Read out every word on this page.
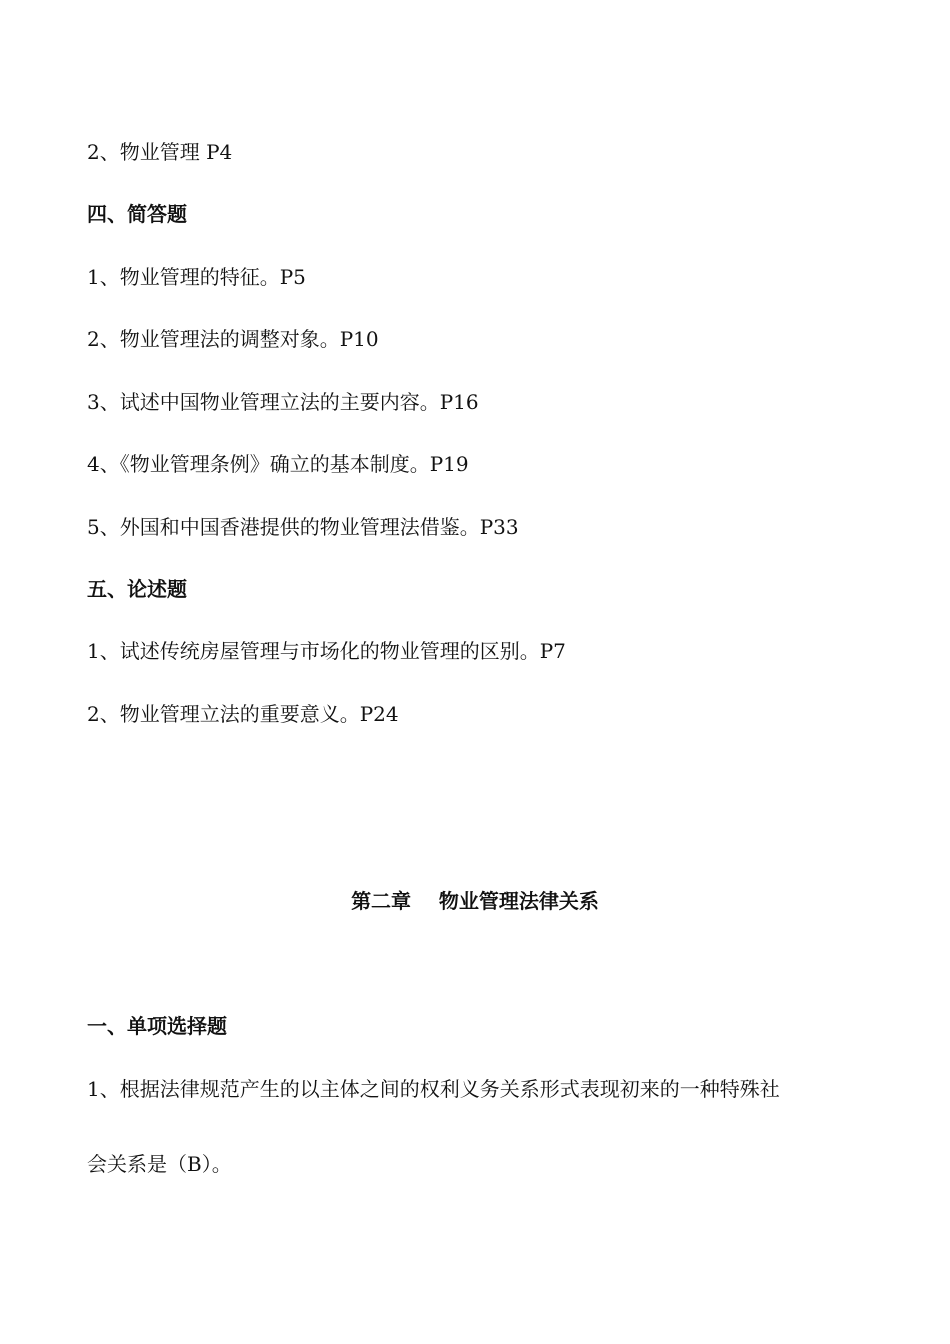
2、物业管理 P4

四、简答题

1、物业管理的特征。P5

2、物业管理法的调整对象。P10

3、试述中国物业管理立法的主要内容。P16

4、《物业管理条例》确立的基本制度。P19

5、外国和中国香港提供的物业管理法借鉴。P33

五、论述题

1、试述传统房屋管理与市场化的物业管理的区别。P7

2、物业管理立法的重要意义。P24

第二章    物业管理法律关系

一、单项选择题

1、根据法律规范产生的以主体之间的权利义务关系形式表现初来的一种特殊社

会关系是（B）。
